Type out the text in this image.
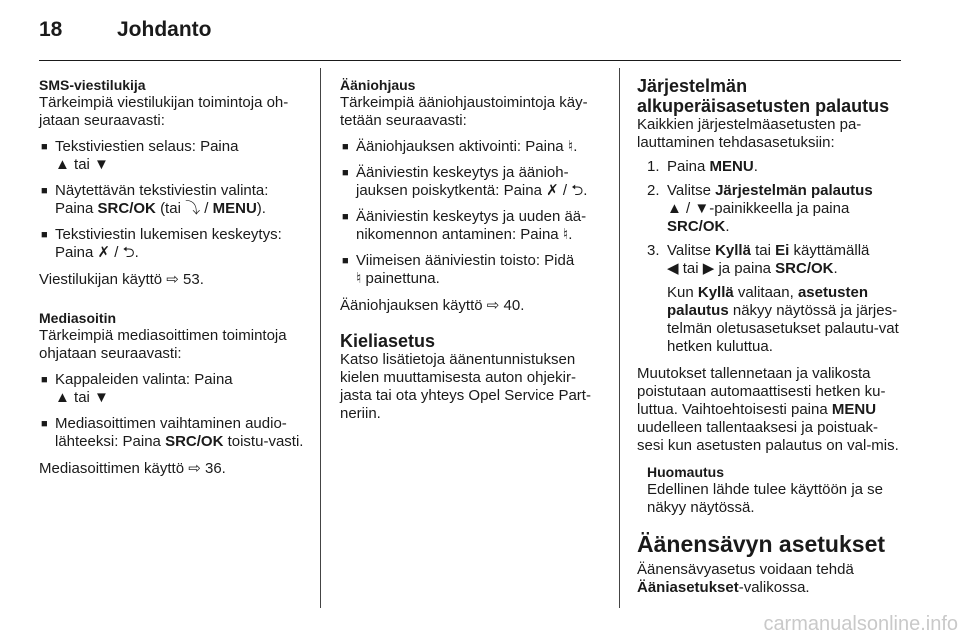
18	Johdanto

SMS-viestilukija

Tärkeimpiä viestilukijan toimintoja oh-jataan seuraavasti:

■ Tekstiviestien selaus: Paina
▲ tai ▼
■ Näytettävän tekstiviestin valinta: Paina SRC/OK (tai ⤵ / MENU).
■ Tekstiviestin lukemisen keskeytys: Paina ✗ / ⮌.

Viestilukijan käyttö ⇨ 53.

Mediasoitin

Tärkeimpiä mediasoittimen toimintoja ohjataan seuraavasti:

■ Kappaleiden valinta: Paina
▲ tai ▼
■ Mediasoittimen vaihtaminen audio-lähteeksi: Paina SRC/OK toistu-vasti.

Mediasoittimen käyttö ⇨ 36.

Ääniohjaus

Tärkeimpiä ääniohjaustoimintoja käy-tetään seuraavasti:

■ Ääniohjauksen aktivointi: Paina ♮.
■ Ääniviestin keskeytys ja äänioh-jauksen poiskytkentä: Paina ✗ / ⮌.
■ Ääniviestin keskeytys ja uuden ää-nikomennon antaminen: Paina ♮.
■ Viimeisen ääniviestin toisto: Pidä
♮ painettuna.

Ääniohjauksen käyttö ⇨ 40.

Kieliasetus

Katso lisätietoja äänentunnistuksen kielen muuttamisesta auton ohjekir-jasta tai ota yhteys Opel Service Part-neriin.

Järjestelmän alkuperäisasetusten palautus

Kaikkien järjestelmäasetusten pa-lauttaminen tehdasasetuksiin:

1. Paina MENU.
2. Valitse Järjestelmän palautus
▲ / ▼-painikkeella ja paina
SRC/OK.
3. Valitse Kyllä tai Ei käyttämällä
◀ tai ▶ ja paina SRC/OK.

Kun Kyllä valitaan, asetusten palautus näkyy näytössä ja järjes-telmän oletusasetukset palautu-vat hetken kuluttua.

Muutokset tallennetaan ja valikosta poistutaan automaattisesti hetken ku-luttua. Vaihtoehtoisesti paina MENU uudelleen tallentaaksesi ja poistuak-sesi kun asetusten palautus on val-mis.

Huomautus

Edellinen lähde tulee käyttöön ja se näkyy näytössä.

Äänensävyn asetukset

Äänensävyasetus voidaan tehdä
Ääniasetukset-valikossa.

carmanualsonline.info
